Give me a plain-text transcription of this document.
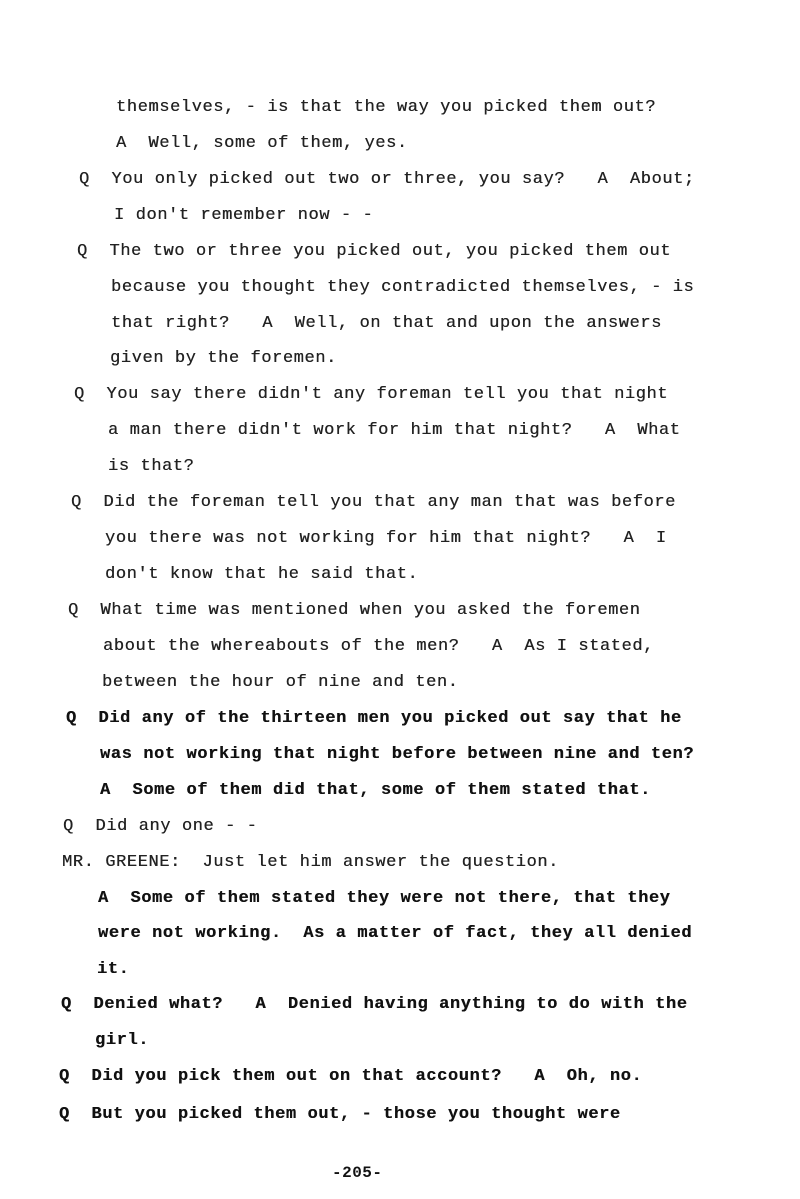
themselves, - is that the way you picked them out?
A  Well, some of them, yes.
Q  You only picked out two or three, you say?   A  About;
I don't remember now - -
Q  The two or three you picked out, you picked them out
because you thought they contradicted themselves, - is
that right?   A  Well, on that and upon the answers
given by the foremen.
Q  You say there didn't any foreman tell you that night
a man there didn't work for him that night?   A  What
is that?
Q  Did the foreman tell you that any man that was before
you there was not working for him that night?   A  I
don't know that he said that.
Q  What time was mentioned when you asked the foremen
about the whereabouts of the men?   A  As I stated,
between the hour of nine and ten.
Q  Did any of the thirteen men you picked out say that he
was not working that night before between nine and ten?
A  Some of them did that, some of them stated that.
Q  Did any one - -
MR. GREENE:  Just let him answer the question.
A  Some of them stated they were not there, that they
were not working.  As a matter of fact, they all denied
it.
Q  Denied what?   A  Denied having anything to do with the
girl.
Q  Did you pick them out on that account?   A  Oh, no.
Q  But you picked them out, - those you thought were
-205-
